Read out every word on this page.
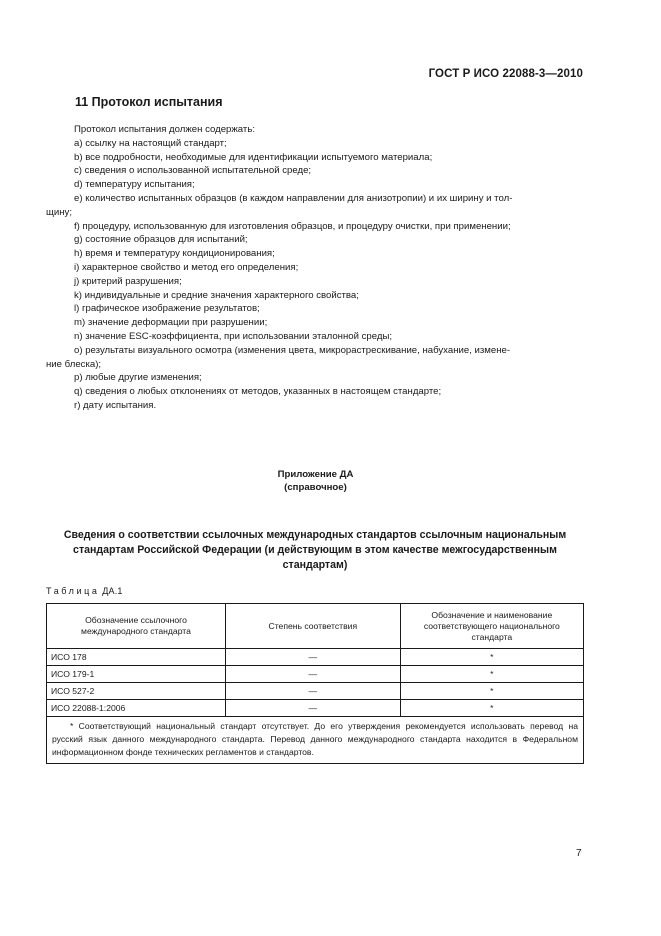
ГОСТ Р ИСО 22088-3—2010
11 Протокол испытания

Протокол испытания должен содержать:

a) ссылку на настоящий стандарт;

b) все подробности, необходимые для идентификации испытуемого материала;

c) сведения о использованной испытательной среде;

d) температуру испытания;

e) количество испытанных образцов (в каждом направлении для анизотропии) и их ширину и тол-
щину;

f) процедуру, использованную для изготовления образцов, и процедуру очистки, при применении;

g) состояние образцов для испытаний;

h) время и температуру кондиционирования;

i) характерное свойство и метод его определения;

j) критерий разрушения;

k) индивидуальные и средние значения характерного свойства;

l) графическое изображение результатов;

m) значение деформации при разрушении;

n) значение ESC-коэффициента, при использовании эталонной среды;

o) результаты визуального осмотра (изменения цвета, микрорастрескивание, набухание, измене-
ние блеска);

p) любые другие изменения;

q) сведения о любых отклонениях от методов, указанных в настоящем стандарте;

r) дату испытания.

Приложение ДА
(справочное)
Сведения о соответствии ссылочных международных стандартов ссылочным национальным стандартам Российской Федерации (и действующим в этом качестве межгосударственным стандартам)
Таблица ДА.1
Обозначение ссылочного международного стандарта	Степень соответствия	Обозначение и наименование соответствующего национального стандарта
ИСО 178	—	*
ИСО 179-1	—	*
ИСО 527-2	—	*
ИСО 22088-1:2006	—	*
* Соответствующий национальный стандарт отсутствует. До его утверждения рекомендуется использовать перевод на русский язык данного международного стандарта. Перевод данного международного стандарта находится в Федеральном информационном фонде технических регламентов и стандартов.		
7
